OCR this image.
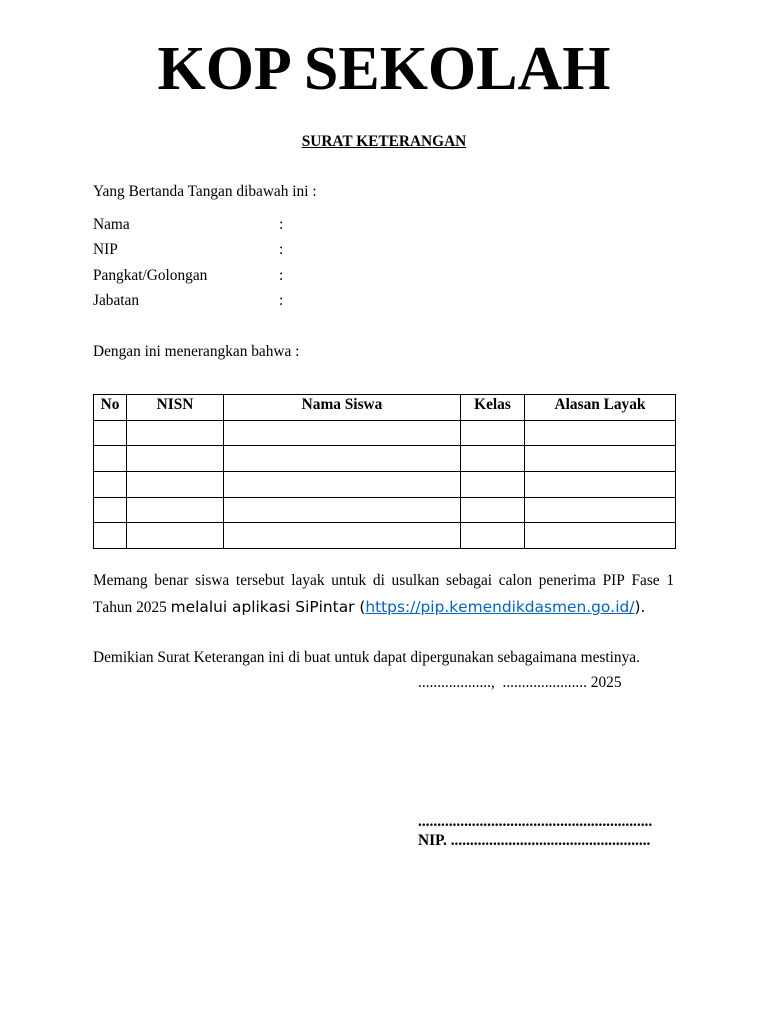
KOP SEKOLAH
SURAT KETERANGAN
Yang Bertanda Tangan dibawah ini :
Nama	:
NIP	:
Pangkat/Golongan	:
Jabatan	:
Dengan ini menerangkan bahwa :
No	NISN	Nama Siswa	Kelas	Alasan Layak

Memang benar siswa tersebut layak untuk di usulkan sebagai calon penerima PIP Fase 1 Tahun 2025 melalui aplikasi SiPintar (https://pip.kemendikdasmen.go.id/).
Demikian Surat Keterangan ini di buat untuk dapat dipergunakan sebagaimana mestinya.
...................,  ...................... 2025
.............................................................
NIP. ....................................................
